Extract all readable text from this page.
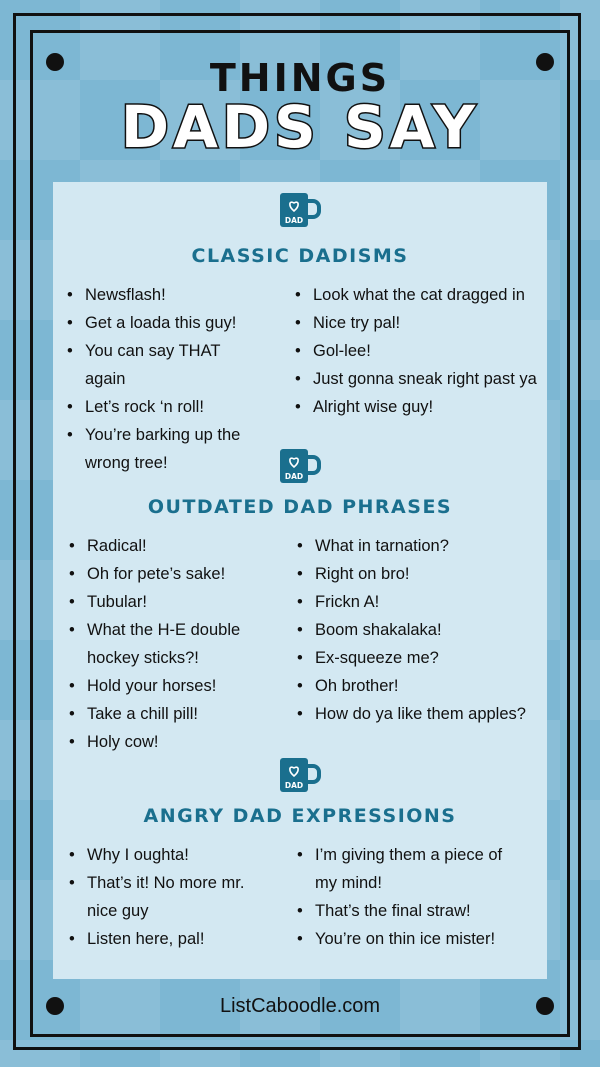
THINGS
DADS SAY
DAD
CLASSIC DADISMS
• Newsflash!
• Get a loada this guy!
• You can say THAT again
• Let’s rock ‘n roll!
• You’re barking up the wrong tree!
• Look what the cat dragged in
• Nice try pal!
• Gol-lee!
• Just gonna sneak right past ya
• Alright wise guy!
DAD
OUTDATED DAD PHRASES
• Radical!
• Oh for pete’s sake!
• Tubular!
• What the H-E double hockey sticks?!
• Hold your horses!
• Take a chill pill!
• Holy cow!
• What in tarnation?
• Right on bro!
• Frickn A!
• Boom shakalaka!
• Ex-squeeze me?
• Oh brother!
• How do ya like them apples?
DAD
ANGRY DAD EXPRESSIONS
• Why I oughta!
• That’s it! No more mr. nice guy
• Listen here, pal!
• I’m giving them a piece of my mind!
• That’s the final straw!
• You’re on thin ice mister!
ListCaboodle.com
